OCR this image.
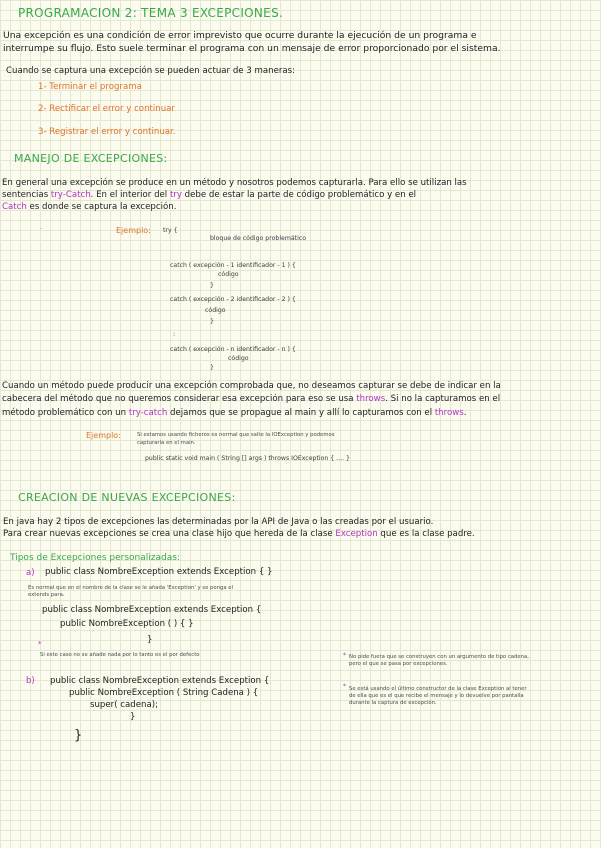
PROGRAMACION 2: TEMA 3 EXCEPCIONES.
Una excepción es una condición de error imprevisto que ocurre durante la ejecución de un programa e
interrumpe su flujo. Esto suele terminar el programa con un mensaje de error proporcionado por el sistema.
Cuando se captura una excepción se pueden actuar de 3 maneras:
1- Terminar el programa
2- Rectificar el error y continuar
3- Registrar el error y continuar.
MANEJO DE EXCEPCIONES:
En general una excepción se produce en un método y nosotros podemos capturarla. Para ello se utilizan las
sentencias try-Catch. En el interior del try debe de estar la parte de código problemático y en el
Catch es donde se captura la excepción.
·	Ejemplo: try {
bloque de código problemático
catch ( excepción - 1 identificador - 1 ) {
código
}
catch ( excepción - 2 identificador - 2 ) {
código
}
:
catch ( excepción - n identificador - n ) {
código
}
Cuando un método puede producir una excepción comprobada que, no deseamos capturar se debe de indicar en la
cabecera del método que no queremos considerar esa excepción para eso se usa throws. Si no la capturamos en el
método problemático con un try-catch dejamos que se propague al main y allí lo capturamos con el throws.
Ejemplo:	Si estamos usando ficheros es normal que salte la IOException y podemos
capturarla en el main.
public static void main ( String [] args ) throws IOException { .... }
CREACION DE NUEVAS EXCEPCIONES:
En java hay 2 tipos de excepciones las determinadas por la API de Java o las creadas por el usuario.
Para crear nuevas excepciones se crea una clase hijo que hereda de la clase Exception que es la clase padre.
Tipos de Excepciones personalizadas:
a) public class NombreException extends Exception { }
Es normal que en el nombre de la clase se le añada 'Exception' y se ponga el
extends para.
public class NombreException extends Exception {
public NombreException ( ) { }
}
*
Si este caso no se añade nada por lo tanto es el por defecto	* No pide fuera que se construyen con un argumento de tipo cadena,
pero el que se pasa por excepciones.
b) public class NombreException extends Exception {
public NombreException ( String Cadena ) {
super( cadena);
}
}
* Se está usando el último constructor de la clase Exception al tener
de ella que es el que recibe el mensaje y lo devuelve por pantalla
durante la captura de excepción.
